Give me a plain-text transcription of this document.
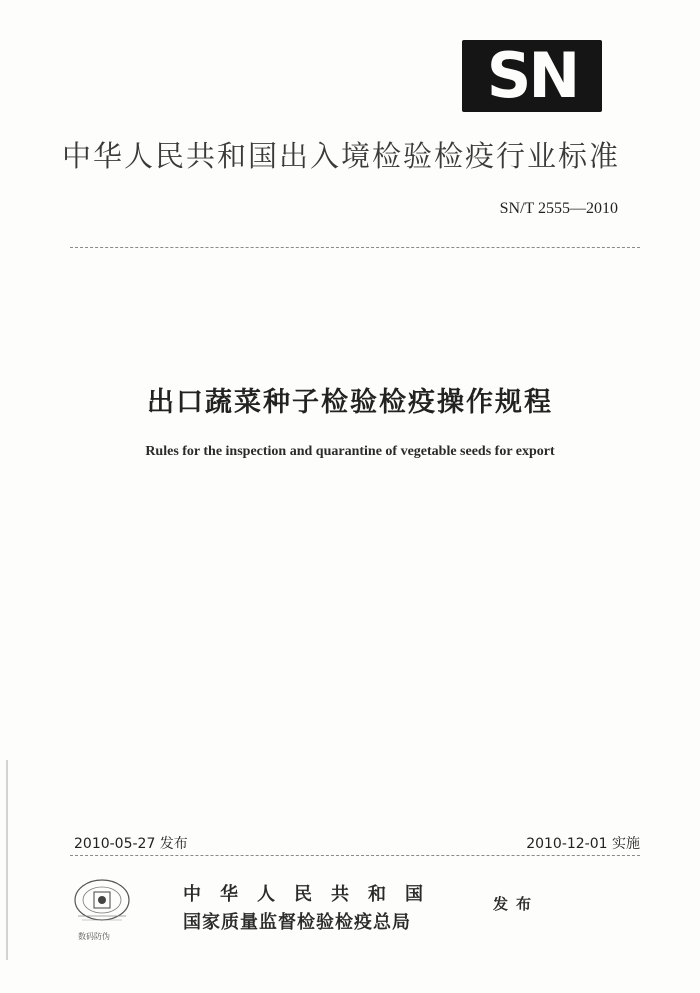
SN
中华人民共和国出入境检验检疫行业标准
SN/T 2555—2010
出口蔬菜种子检验检疫操作规程
Rules for the inspection and quarantine of vegetable seeds for export
2010-05-27 发布	2010-12-01 实施
数码防伪
中华人民共和国
国家质量监督检验检疫总局
发布
